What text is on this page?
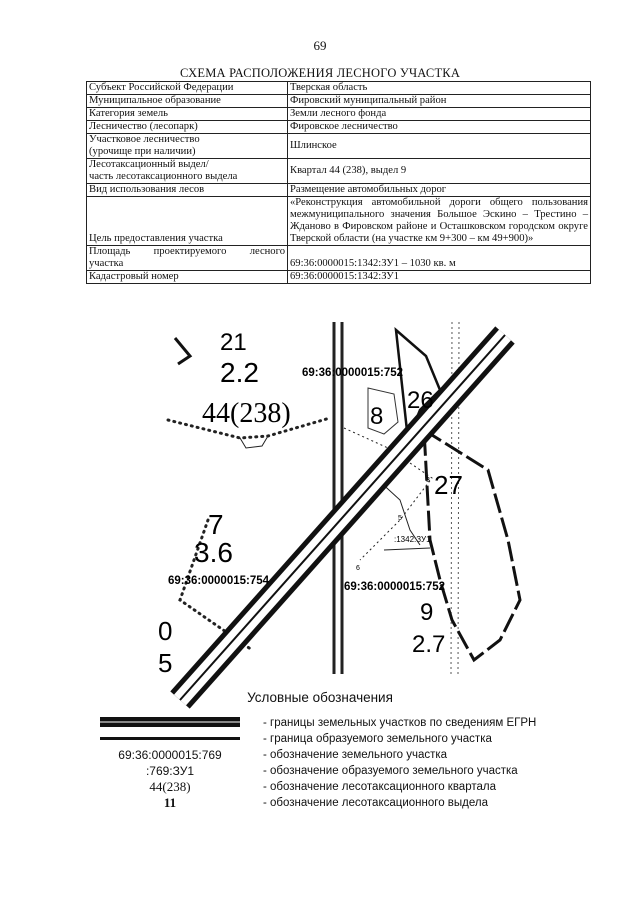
69
СХЕМА РАСПОЛОЖЕНИЯ ЛЕСНОГО УЧАСТКА
Субъект Российской Федерации	Тверская область
Муниципальное образование	Фировский муниципальный район
Категория земель	Земли лесного фонда
Лесничество (лесопарк)	Фировское лесничество

Участковое лесничество
(урочище при наличии)	Шлинское

Лесотаксационный выдел/
часть лесотаксационного выдела	Квартал 44 (238), выдел 9
Вид использования лесов	Размещение автомобильных дорог
Цель предоставления участка	«Реконструкция автомобильной дороги общего пользования межмуниципального значения Большое Эскино – Трестино – Жданово в Фировском районе и Осташковском городском округе Тверской области (на участке км 9+300 – км 49+900)»

Площадь проектируемого лесного
участка	69:36:0000015:1342:ЗУ1 – 1030 кв. м
Кадастровый номер	69:36:0000015:1342:ЗУ1
21
2.2
44(238)
69:36:0000015:752
8
26
27
7
3.6
69:36:0000015:754	69:36:0000015:752
:1342:ЗУ1
9
2.7
0
5
3
5
6
Условные обозначения
- границы земельных участков по сведениям ЕГРН
- граница образуемого земельного участка
69:36:0000015:769	- обозначение земельного участка
:769:ЗУ1	- обозначение образуемого земельного участка
44(238)	- обозначение лесотаксационного квартала
11	- обозначение лесотаксационного выдела
